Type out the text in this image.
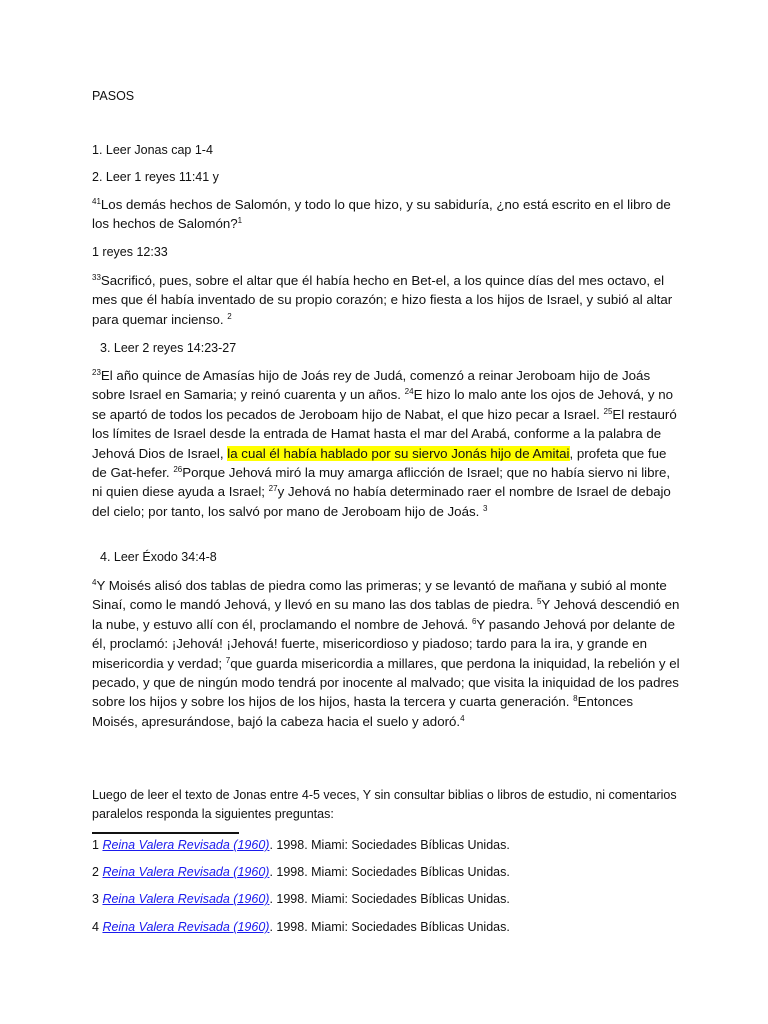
PASOS

1. Leer Jonas cap 1-4

2. Leer 1 reyes 11:41 y

$^{41}$Los demás hechos de Salomón, y todo lo que hizo, y su sabiduría, ¿no está escrito en el libro de los hechos de Salomón?$^1$

1 reyes 12:33

$^{33}$Sacrificó, pues, sobre el altar que él había hecho en Bet-el, a los quince días del mes octavo, el mes que él había inventado de su propio corazón; e hizo fiesta a los hijos de Israel, y subió al altar para quemar incienso. $^2$

3. Leer 2 reyes 14:23-27

$^{23}$El año quince de Amasías hijo de Joás rey de Judá, comenzó a reinar Jeroboam hijo de Joás sobre Israel en Samaria; y reinó cuarenta y un años. $^{24}$E hizo lo malo ante los ojos de Jehová, y no se apartó de todos los pecados de Jeroboam hijo de Nabat, el que hizo pecar a Israel. $^{25}$El restauró los límites de Israel desde la entrada de Hamat hasta el mar del Arabá, conforme a la palabra de Jehová Dios de Israel, la cual él había hablado por su siervo Jonás hijo de Amitai, profeta que fue de Gat-hefer. $^{26}$Porque Jehová miró la muy amarga aflicción de Israel; que no había siervo ni libre, ni quien diese ayuda a Israel; $^{27}$y Jehová no había determinado raer el nombre de Israel de debajo del cielo; por tanto, los salvó por mano de Jeroboam hijo de Joás. $^3$

4. Leer Éxodo 34:4-8

$^4$Y Moisés alisó dos tablas de piedra como las primeras; y se levantó de mañana y subió al monte Sinaí, como le mandó Jehová, y llevó en su mano las dos tablas de piedra. $^5$Y Jehová descendió en la nube, y estuvo allí con él, proclamando el nombre de Jehová. $^6$Y pasando Jehová por delante de él, proclamó: ¡Jehová! ¡Jehová! fuerte, misericordioso y piadoso; tardo para la ira, y grande en misericordia y verdad; $^7$que guarda misericordia a millares, que perdona la iniquidad, la rebelión y el pecado, y que de ningún modo tendrá por inocente al malvado; que visita la iniquidad de los padres sobre los hijos y sobre los hijos de los hijos, hasta la tercera y cuarta generación. $^8$Entonces Moisés, apresurándose, bajó la cabeza hacia el suelo y adoró.$^4$

Luego de leer el texto de Jonas entre 4-5 veces, Y sin consultar biblias o libros de estudio, ni comentarios paralelos responda la siguientes preguntas:

1 Reina Valera Revisada (1960). 1998. Miami: Sociedades Bíblicas Unidas.

2 Reina Valera Revisada (1960). 1998. Miami: Sociedades Bíblicas Unidas.

3 Reina Valera Revisada (1960). 1998. Miami: Sociedades Bíblicas Unidas.

4 Reina Valera Revisada (1960). 1998. Miami: Sociedades Bíblicas Unidas.
